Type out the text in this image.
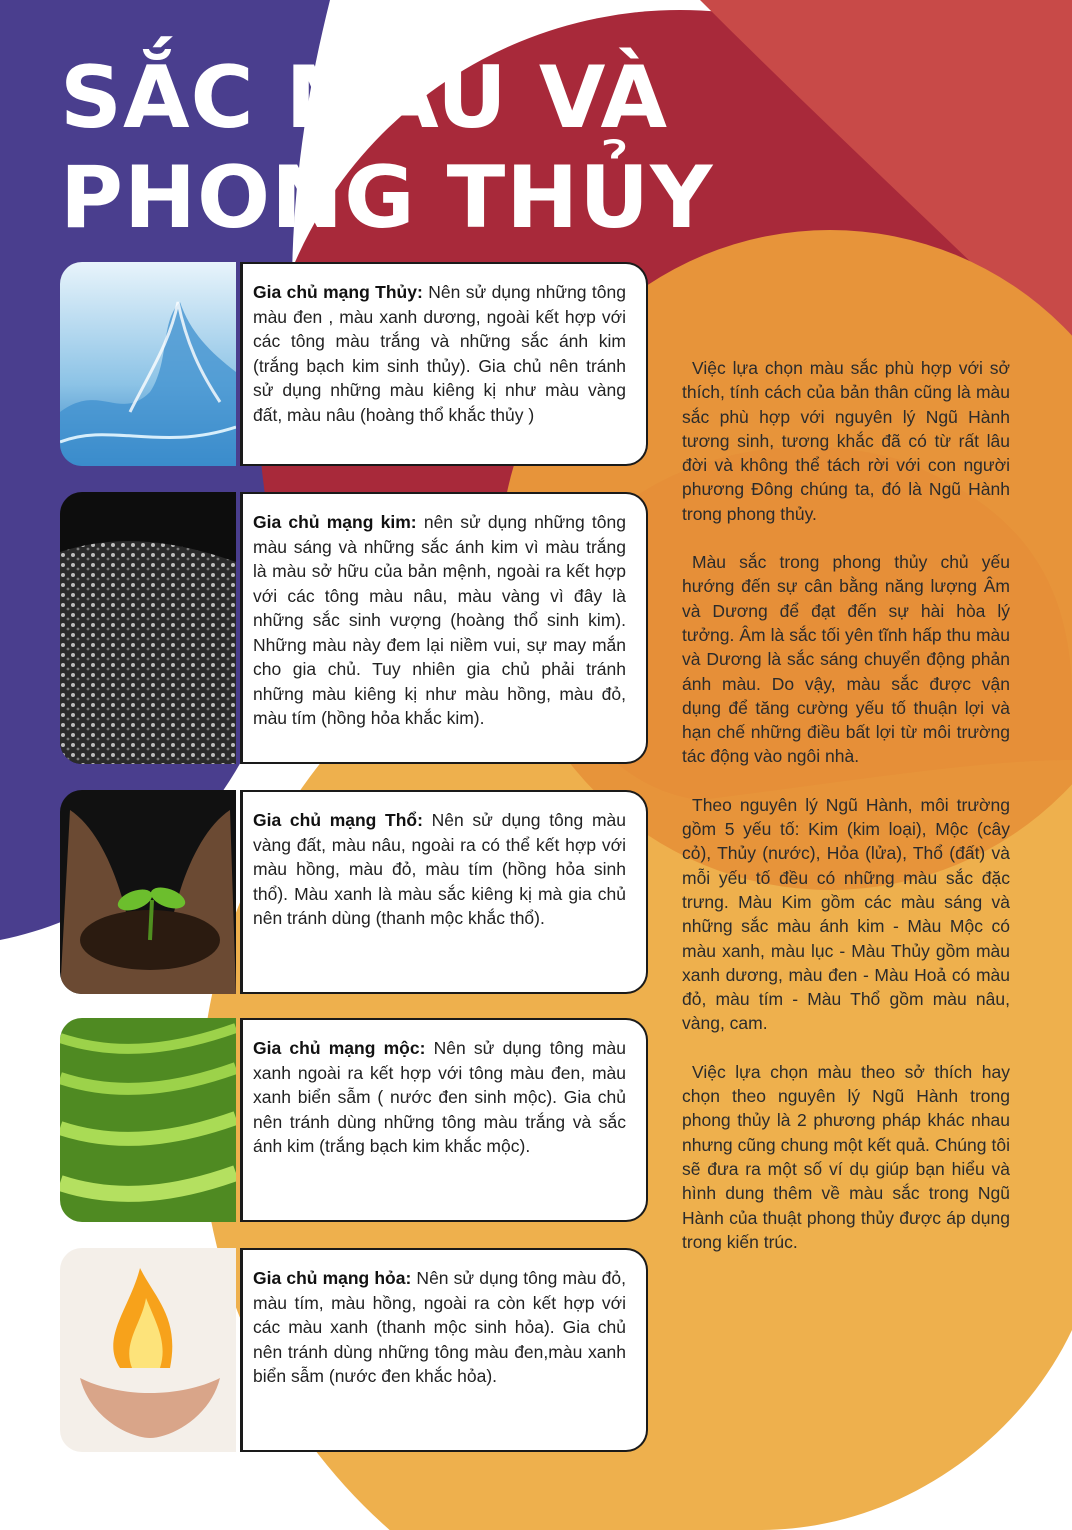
SẮC MÀU VÀ
PHONG THỦY
Gia chủ mạng Thủy: Nên sử dụng những tông màu đen , màu xanh dương, ngoài kết hợp với các tông màu trắng và những sắc ánh kim (trắng bạch kim sinh thủy). Gia chủ nên tránh sử dụng những màu kiêng kị như màu vàng đất, màu nâu (hoàng thổ khắc thủy )
Gia chủ mạng kim: nên sử dụng những tông màu sáng và những sắc ánh kim vì màu trắng là màu sở hữu của bản mệnh, ngoài ra kết hợp với các tông màu nâu, màu vàng vì đây là những sắc sinh vượng (hoàng thổ sinh kim). Những màu này đem lại niềm vui, sự may mắn cho gia chủ. Tuy nhiên gia chủ phải tránh những màu kiêng kị như màu hồng, màu đỏ, màu tím (hồng hỏa khắc kim).
Gia chủ mạng Thổ: Nên sử dụng tông màu vàng đất, màu nâu, ngoài ra có thể kết hợp với màu hồng, màu đỏ, màu tím (hồng hỏa sinh thổ). Màu xanh là màu sắc kiêng kị mà gia chủ nên tránh dùng (thanh mộc khắc thổ).
Gia chủ mạng mộc: Nên sử dụng tông màu xanh ngoài ra kết hợp với tông màu đen, màu xanh biển sẫm ( nước đen sinh mộc). Gia chủ nên tránh dùng những tông màu trắng và sắc ánh kim (trắng bạch kim khắc mộc).
Gia chủ mạng hỏa: Nên sử dụng tông màu đỏ, màu tím, màu hồng, ngoài ra còn kết hợp với các màu xanh (thanh mộc sinh hỏa). Gia chủ nên tránh dùng những tông màu đen,màu xanh biển sẫm (nước đen khắc hỏa).

Việc lựa chọn màu sắc phù hợp với sở thích, tính cách của bản thân cũng là màu sắc phù hợp với nguyên lý Ngũ Hành tương sinh, tương khắc đã có từ rất lâu đời và không thể tách rời với con người phương Đông chúng ta, đó là Ngũ Hành trong phong thủy.

Màu sắc trong phong thủy chủ yếu hướng đến sự cân bằng năng lượng Âm và Dương để đạt đến sự hài hòa lý tưởng. Âm là sắc tối yên tĩnh hấp thu màu và Dương là sắc sáng chuyển động phản ánh màu. Do vậy, màu sắc được vận dụng để tăng cường yếu tố thuận lợi và hạn chế những điều bất lợi từ môi trường tác động vào ngôi nhà.

Theo nguyên lý Ngũ Hành, môi trường gồm 5 yếu tố: Kim (kim loại), Mộc (cây cỏ), Thủy (nước), Hỏa (lửa), Thổ (đất) và mỗi yếu tố đều có những màu sắc đặc trưng. Màu Kim gồm các màu sáng và những sắc màu ánh kim - Màu Mộc có màu xanh, màu lục - Màu Thủy gồm màu xanh dương, màu đen - Màu Hoả có màu đỏ, màu tím - Màu Thổ gồm màu nâu, vàng, cam.

Việc lựa chọn màu theo sở thích hay chọn theo nguyên lý Ngũ Hành trong phong thủy là 2 phương pháp khác nhau nhưng cũng chung một kết quả. Chúng tôi sẽ đưa ra một số ví dụ giúp bạn hiểu và hình dung thêm về màu sắc trong Ngũ Hành của thuật phong thủy được áp dụng trong kiến trúc.
